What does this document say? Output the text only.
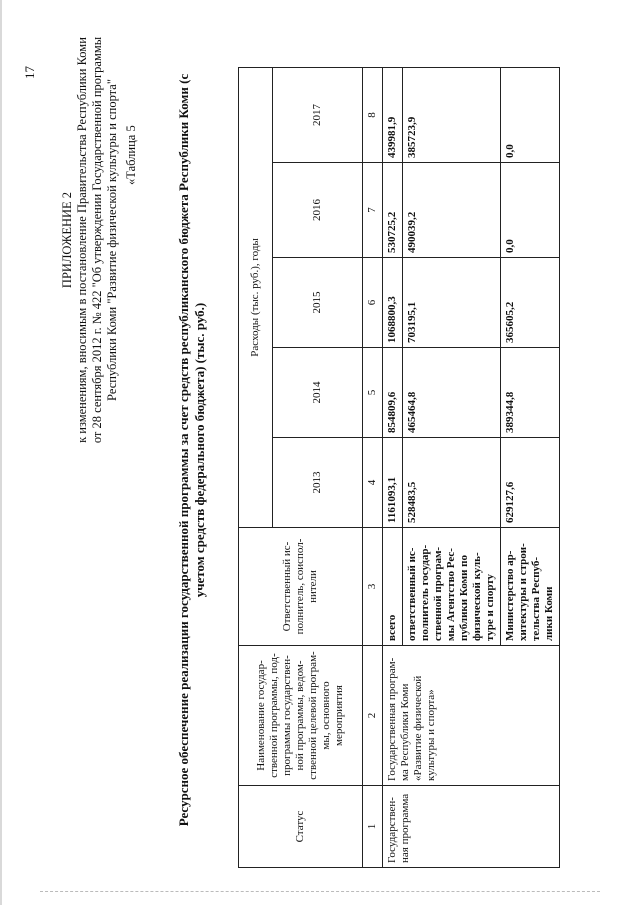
17
ПРИЛОЖЕНИЕ 2 к изменениям, вносимым в постановление Правительства Республики Коми от 28 сентября 2012 г. № 422 "Об утверждении Государственной программы Республики Коми "Развитие физической культуры и спорта" «Таблица 5	Ресурсное обеспечение реализации государственной программы за счет средств республиканского бюджета Республики Коми (с учетом средств федерального бюджета) (тыс. руб.)
Статус	Наименование государ-ственной программы, под-программы государствен-ной программы, ведом-ственной целевой програм-мы, основного мероприятия	Ответственный ис-полнитель, соиспол-нители	Расходы (тыс. руб.), годы				
			2013	2014	2015	2016	2017
1	2	3	4	5	6	7	8
Государствен-ная программа	Государственная програм-ма Республики Коми «Развитие физической культуры и спорта»	всего	1161093,1	854809,6	1068800,3	530725,2	439981,9
		ответственный ис-полнитель государ-ственной програм-мы Агентство Рес-публики Коми по физической куль-туре и спорту	528483,5	465464,8	703195,1	490039,2	385723,9
		Министерство ар-хитектуры и строи-тельства Респуб-лики Коми	629127,6	389344,8	365605,2	0,0	0,0
